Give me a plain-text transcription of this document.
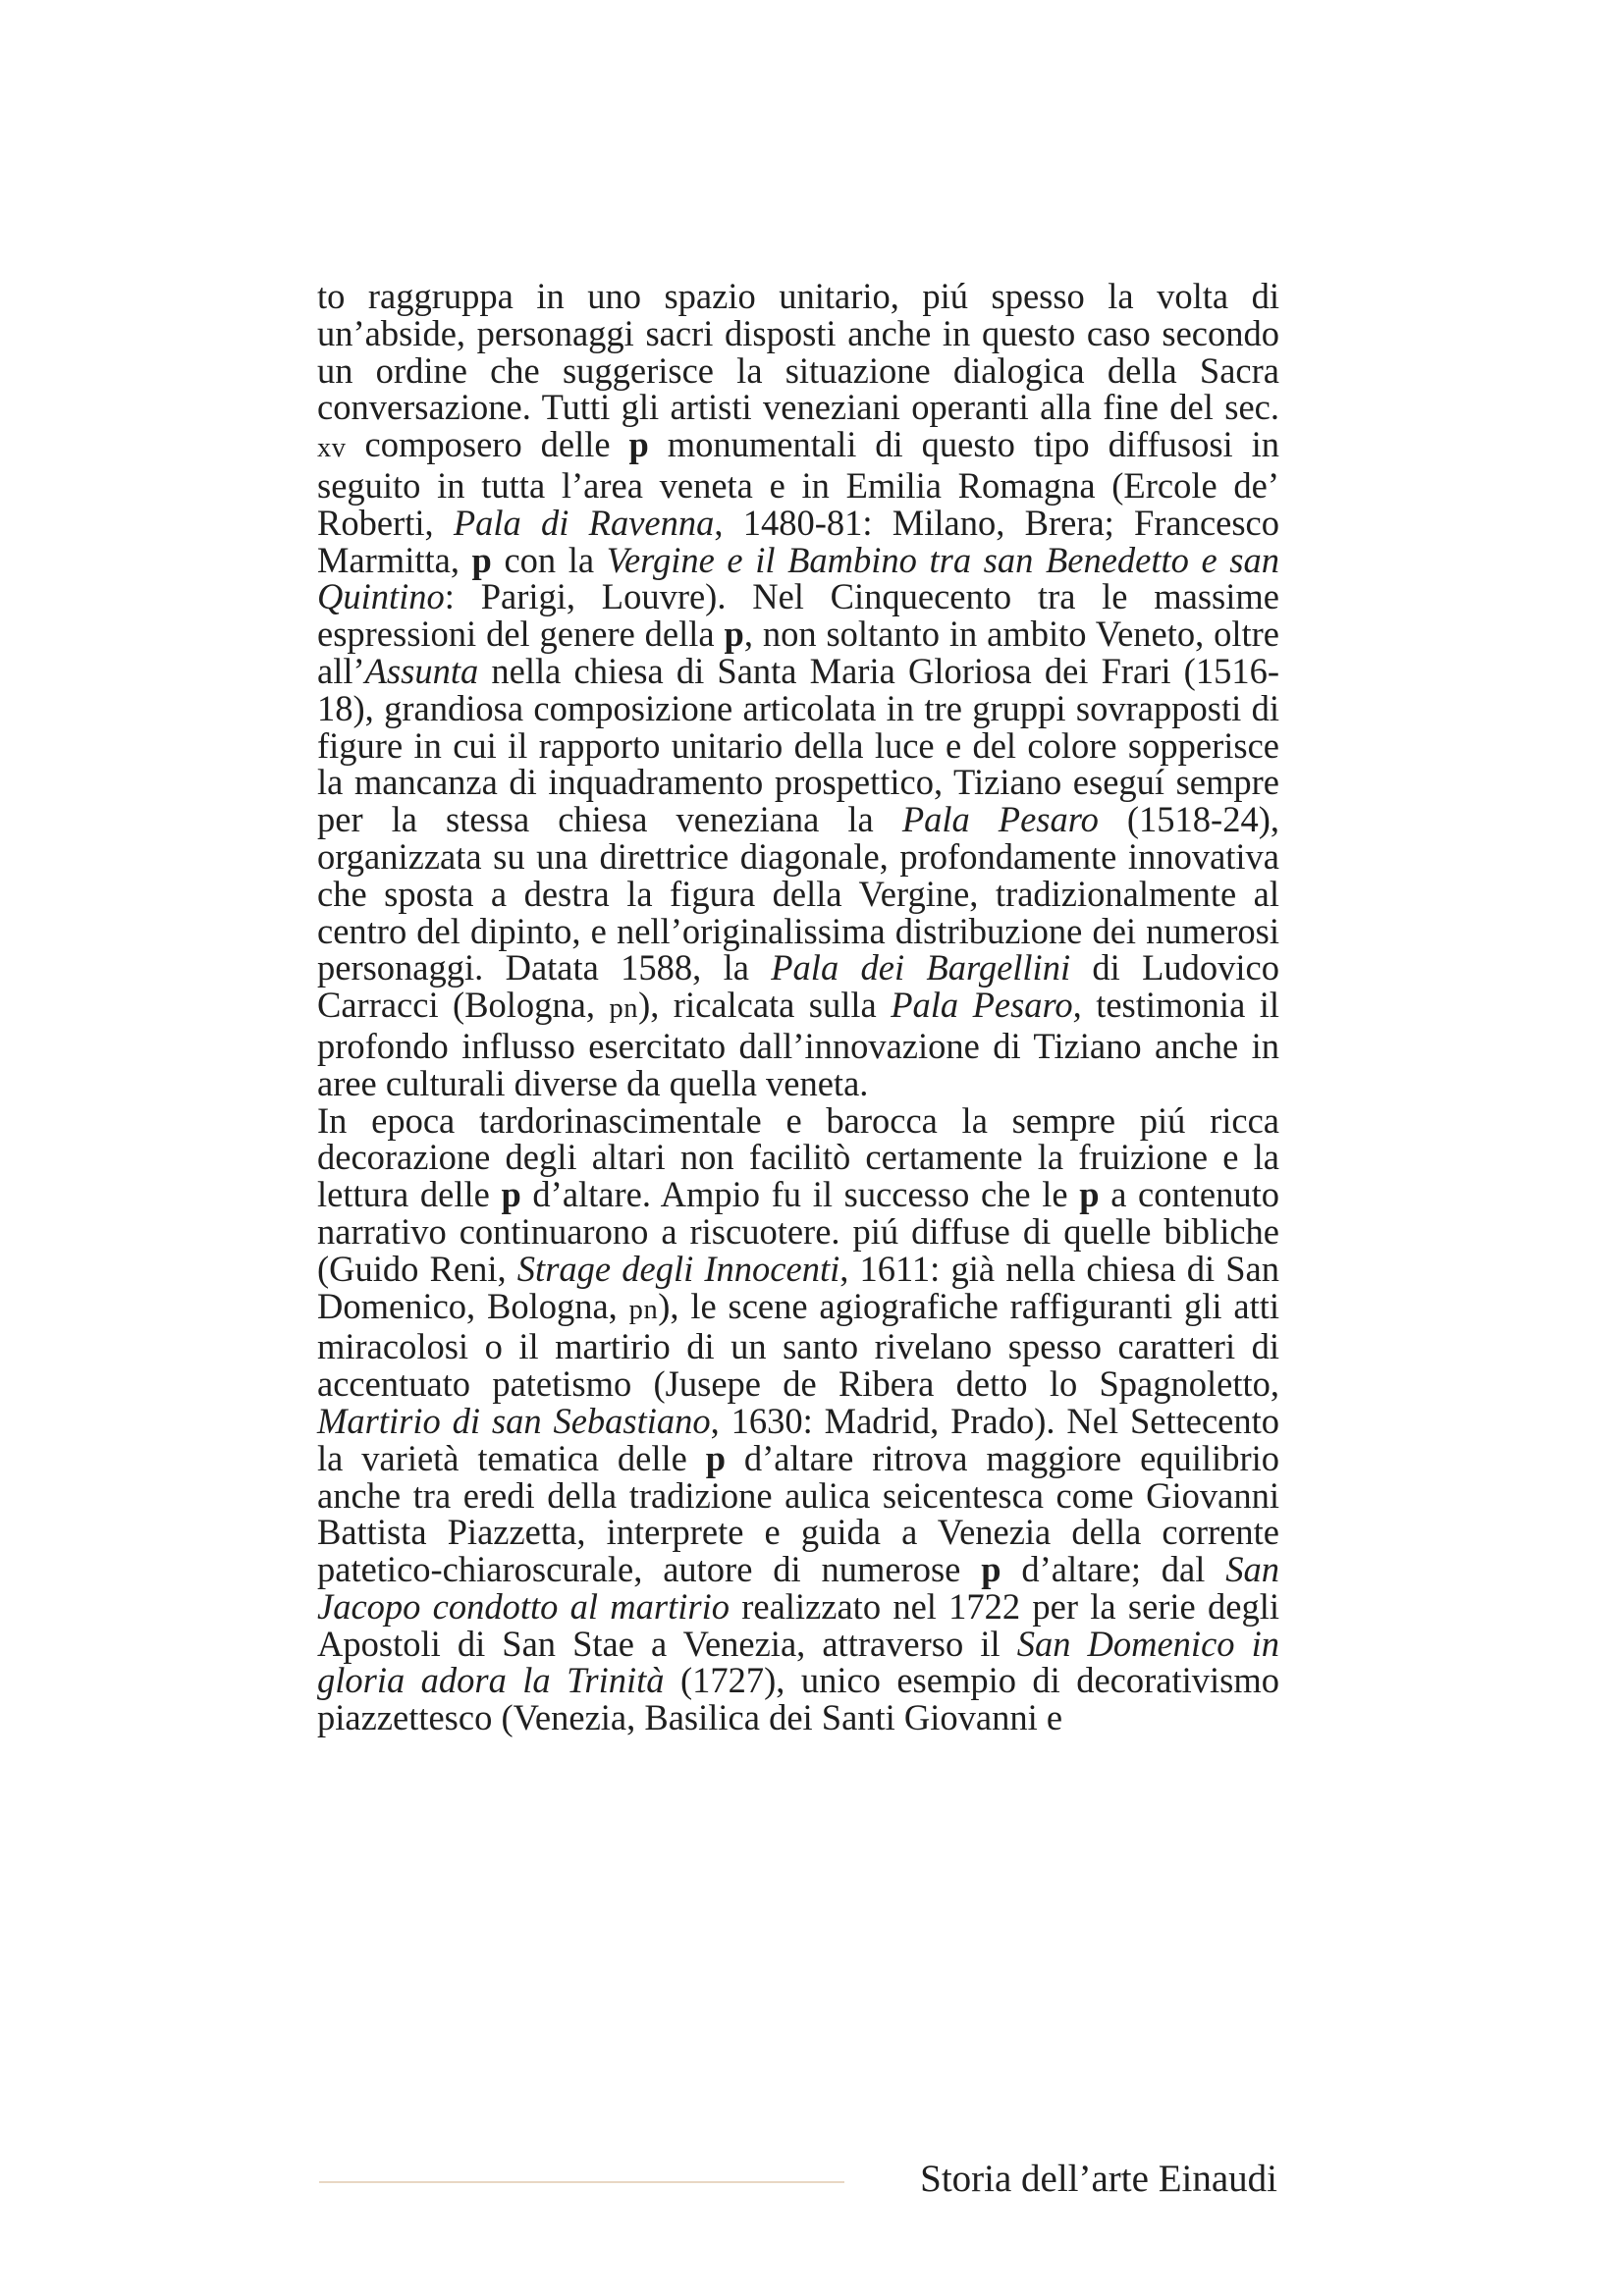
to raggruppa in uno spazio unitario, piú spesso la volta di un’abside, personaggi sacri disposti anche in questo caso secondo un ordine che suggerisce la situazione dialogica della Sacra conversazione. Tutti gli artisti veneziani operanti alla fine del sec. xv composero delle p monumentali di questo tipo diffusosi in seguito in tutta l’area veneta e in Emilia Romagna (Ercole de’ Roberti, Pala di Ravenna, 1480-81: Milano, Brera; Francesco Marmitta, p con la Vergine e il Bambino tra san Benedetto e san Quintino: Parigi, Louvre). Nel Cinquecento tra le massime espressioni del genere della p, non soltanto in ambito Veneto, oltre all’Assunta nella chiesa di Santa Maria Gloriosa dei Frari (1516-18), grandiosa composizione articolata in tre gruppi sovrapposti di figure in cui il rapporto unitario della luce e del colore sopperisce la mancanza di inquadramento prospettico, Tiziano eseguí sempre per la stessa chiesa veneziana la Pala Pesaro (1518-24), organizzata su una direttrice diagonale, profondamente innovativa che sposta a destra la figura della Vergine, tradizionalmente al centro del dipinto, e nell’originalissima distribuzione dei numerosi personaggi. Datata 1588, la Pala dei Bargellini di Ludovico Carracci (Bologna, pn), ricalcata sulla Pala Pesaro, testimonia il profondo influsso esercitato dall’innovazione di Tiziano anche in aree culturali diverse da quella veneta.

In epoca tardorinascimentale e barocca la sempre piú ricca decorazione degli altari non facilitò certamente la fruizione e la lettura delle p d’altare. Ampio fu il successo che le p a contenuto narrativo continuarono a riscuotere. piú diffuse di quelle bibliche (Guido Reni, Strage degli Innocenti, 1611: già nella chiesa di San Domenico, Bologna, pn), le scene agiografiche raffiguranti gli atti miracolosi o il martirio di un santo rivelano spesso caratteri di accentuato patetismo (Jusepe de Ribera detto lo Spagnoletto, Martirio di san Sebastiano, 1630: Madrid, Prado). Nel Settecento la varietà tematica delle p d’altare ritrova maggiore equilibrio anche tra eredi della tradizione aulica seicentesca come Giovanni Battista Piazzetta, interprete e guida a Venezia della corrente patetico-chiaroscurale, autore di numerose p d’altare; dal San Jacopo condotto al martirio realizzato nel 1722 per la serie degli Apostoli di San Stae a Venezia, attraverso il San Domenico in gloria adora la Trinità (1727), unico esempio di decorativismo piazzettesco (Venezia, Basilica dei Santi Giovanni e

Storia dell’arte Einaudi
